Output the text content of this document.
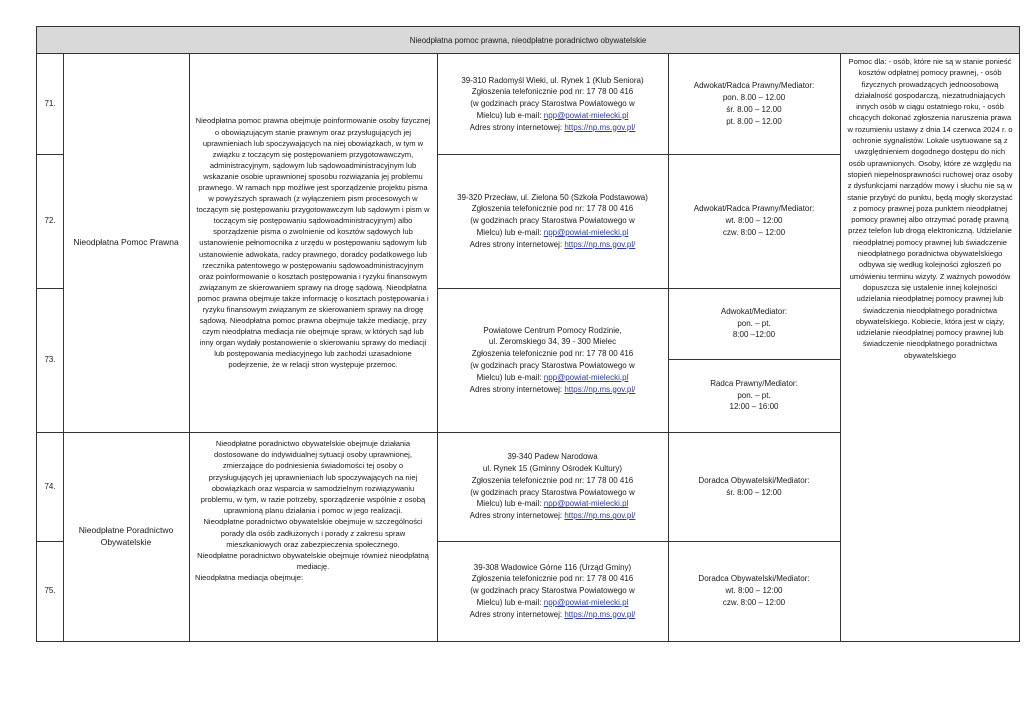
Nieodpłatna pomoc prawna, nieodpłatne poradnictwo obywatelskie
71.
72.
73.
74.
75.
Nieodpłatna Pomoc Prawna
Nieodpłatne Poradnictwo Obywatelskie
Nieodpłatna pomoc prawna obejmuje poinformowanie osoby fizycznej o obowiązującym stanie prawnym oraz przysługujących jej uprawnieniach lub spoczywających na niej obowiązkach, w tym w związku z toczącym się postępowaniem przygotowawczym, administracyjnym, sądowym lub sądowoadministracyjnym lub wskazanie osobie uprawnionej sposobu rozwiązania jej problemu prawnego. W ramach npp możliwe jest sporządzenie projektu pisma w powyższych sprawach (z wyłączeniem pism procesowych w toczącym się postępowaniu przygotowawczym lub sądowym i pism w toczącym się postępowaniu sądowoadministracyjnym) albo sporządzenie pisma o zwolnienie od kosztów sądowych lub ustanowienie pełnomocnika z urzędu w postępowaniu sądowym lub ustanowienie adwokata, radcy prawnego, doradcy podatkowego lub rzecznika patentowego w postępowaniu sądowoadministracyjnym oraz poinformowanie o kosztach postępowania i ryzyku finansowym związanym ze skierowaniem sprawy na drogę sądową. Nieodpłatna pomoc prawna obejmuje także informację o kosztach postępowania i ryzyku finansowym związanym ze skierowaniem sprawy na drogę sądową. Nieodpłatna pomoc prawna obejmuje także mediację, przy czym nieodpłatna mediacja nie obejmuje spraw, w których sąd lub inny organ wydały postanowienie o skierowaniu sprawy do mediacji lub postępowania mediacyjnego lub zachodzi uzasadnione podejrzenie, że w relacji stron występuje przemoc.
Nieodpłatne poradnictwo obywatelskie obejmuje działania dostosowane do indywidualnej sytuacji osoby uprawnionej, zmierzające do podniesienia świadomości tej osoby o przysługujących jej uprawnieniach lub spoczywających na niej obowiązkach oraz wsparcia w samodzielnym rozwiązywaniu problemu, w tym, w razie potrzeby, sporządzenie wspólnie z osobą uprawnioną planu działania i pomoc w jego realizacji.
Nieodpłatne poradnictwo obywatelskie obejmuje w szczególności porady dla osób zadłużonych i porady z zakresu spraw mieszkaniowych oraz zabezpieczenia społecznego.
Nieodpłatne poradnictwo obywatelskie obejmuje również nieodpłatną mediację.
Nieodpłatna mediacja obejmuje:
39-310 Radomyśl Wieki, ul. Rynek 1 (Klub Seniora)
Zgłoszenia telefonicznie pod nr: 17 78 00 416
(w godzinach pracy Starostwa Powiatowego w
Mielcu) lub e-mail: npp@powiat-mielecki.pl
Adres strony internetowej: https://np.ms.gov.pl/
39-320 Przecław, ul. Zielona 50 (Szkoła Podstawowa)
Zgłoszenia telefonicznie pod nr: 17 78 00 416
(w godzinach pracy Starostwa Powiatowego w
Mielcu) lub e-mail: npp@powiat-mielecki.pl
Adres strony internetowej: https://np.ms.gov.pl/
Powiatowe Centrum Pomocy Rodzinie,
ul. Żeromskiego 34, 39 - 300 Mielec
Zgłoszenia telefonicznie pod nr: 17 78 00 416
(w godzinach pracy Starostwa Powiatowego w
Mielcu) lub e-mail: npp@powiat-mielecki.pl
Adres strony internetowej: https://np.ms.gov.pl/
39-340 Padew Narodowa
ul. Rynek 15 (Gminny Ośrodek Kultury)
Zgłoszenia telefonicznie pod nr: 17 78 00 416
(w godzinach pracy Starostwa Powiatowego w
Mielcu) lub e-mail: npp@powiat-mielecki.pl
Adres strony internetowej: https://np.ms.gov.pl/
39-308 Wadowice Górne 116 (Urząd Gminy)
Zgłoszenia telefonicznie pod nr: 17 78 00 416
(w godzinach pracy Starostwa Powiatowego w
Mielcu) lub e-mail: npp@powiat-mielecki.pl
Adres strony internetowej: https://np.ms.gov.pl/
Adwokat/Radca Prawny/Mediator:
pon. 8.00 – 12.00
śr. 8.00 – 12.00
pt. 8.00 – 12.00
Adwokat/Radca Prawny/Mediator:
wt. 8:00 – 12:00
czw. 8:00 – 12:00
Adwokat/Mediator:
pon. – pt.
8:00 –12:00
Radca Prawny/Mediator:
pon. – pt.
12:00 – 16:00
Doradca Obywatelski/Mediator:
śr. 8:00 – 12:00
Doradca Obywatelski/Mediator:
wt. 8:00 – 12:00
czw. 8:00 – 12:00
Pomoc dla: - osób, które nie są w stanie ponieść kosztów odpłatnej pomocy prawnej, - osób fizycznych prowadzących jednoosobową działalność gospodarczą, niezatrudniających innych osób w ciągu ostatniego roku, - osób chcących dokonać zgłoszenia naruszenia prawa w rozumieniu ustawy z dnia 14 czerwca 2024 r. o ochronie sygnalistów. Lokale usytuowane są z uwzględnieniem dogodnego dostępu do nich osób uprawnionych. Osoby, które ze względu na stopień niepełnosprawności ruchowej oraz osoby z dysfunkcjami narządów mowy i słuchu nie są w stanie przybyć do punktu, będą mogły skorzystać z pomocy prawnej poza punktem nieodpłatnej pomocy prawnej albo otrzymać poradę prawną przez telefon lub drogą elektroniczną. Udzielanie nieodpłatnej pomocy prawnej lub świadczenie nieodpłatnego poradnictwa obywatelskiego odbywa się według kolejności zgłoszeń po umówieniu terminu wizyty. Z ważnych powodów dopuszcza się ustalenie innej kolejności udzielania nieodpłatnej pomocy prawnej lub świadczenia nieodpłatnego poradnictwa obywatelskiego. Kobiecie, która jest w ciąży, udzielanie nieodpłatnej pomocy prawnej lub świadczenie nieodpłatnego poradnictwa obywatelskiego
